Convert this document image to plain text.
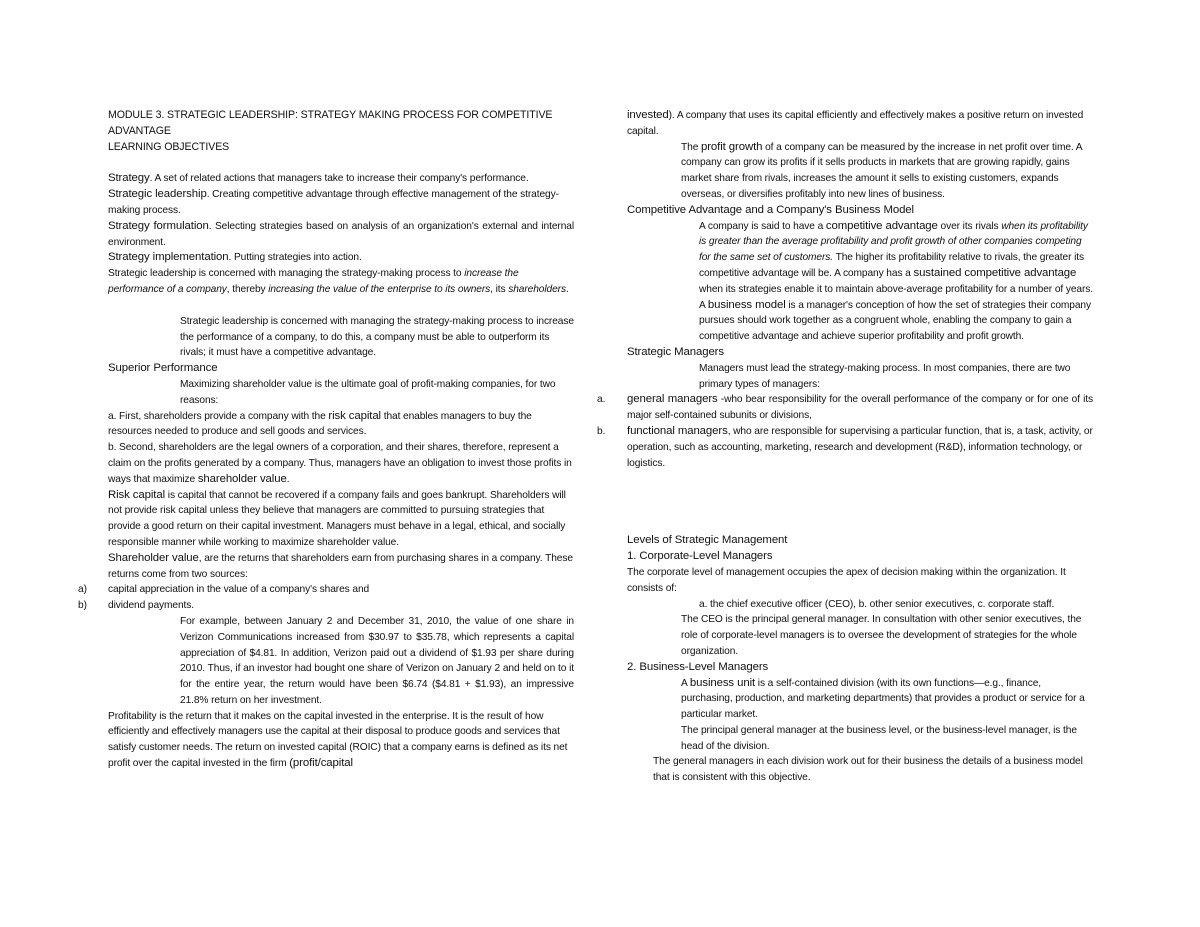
MODULE 3. STRATEGIC LEADERSHIP: STRATEGY MAKING PROCESS FOR COMPETITIVE ADVANTAGE

LEARNING OBJECTIVES

Strategy. A set of related actions that managers take to increase their company's performance.

Strategic leadership. Creating competitive advantage through effective management of the strategy-making process.

Strategy formulation. Selecting strategies based on analysis of an organization's external and internal environment.

Strategy implementation. Putting strategies into action.

Strategic leadership is concerned with managing the strategy-making process to increase the performance of a company, thereby increasing the value of the enterprise to its owners, its shareholders.

Strategic leadership is concerned with managing the strategy-making process to increase the performance of a company, to do this, a company must be able to outperform its rivals; it must have a competitive advantage.

Superior Performance

Maximizing shareholder value is the ultimate goal of profit-making companies, for two reasons:

a. First, shareholders provide a company with the risk capital that enables managers to buy the resources needed to produce and sell goods and services.

b. Second, shareholders are the legal owners of a corporation, and their shares, therefore, represent a claim on the profits generated by a company. Thus, managers have an obligation to invest those profits in ways that maximize shareholder value.

Risk capital is capital that cannot be recovered if a company fails and goes bankrupt. Shareholders will not provide risk capital unless they believe that managers are committed to pursuing strategies that provide a good return on their capital investment. Managers must behave in a legal, ethical, and socially responsible manner while working to maximize shareholder value.

Shareholder value, are the returns that shareholders earn from purchasing shares in a company. These returns come from two sources:

a) capital appreciation in the value of a company's shares and

b) dividend payments.

For example, between January 2 and December 31, 2010, the value of one share in Verizon Communications increased from $30.97 to $35.78, which represents a capital appreciation of $4.81. In addition, Verizon paid out a dividend of $1.93 per share during 2010. Thus, if an investor had bought one share of Verizon on January 2 and held on to it for the entire year, the return would have been $6.74 ($4.81 + $1.93), an impressive 21.8% return on her investment.

Profitability is the return that it makes on the capital invested in the enterprise. It is the result of how efficiently and effectively managers use the capital at their disposal to produce goods and services that satisfy customer needs. The return on invested capital (ROIC) that a company earns is defined as its net profit over the capital invested in the firm (profit/capital

invested). A company that uses its capital efficiently and effectively makes a positive return on invested capital.

The profit growth of a company can be measured by the increase in net profit over time. A company can grow its profits if it sells products in markets that are growing rapidly, gains market share from rivals, increases the amount it sells to existing customers, expands overseas, or diversifies profitably into new lines of business.

Competitive Advantage and a Company's Business Model

A company is said to have a competitive advantage over its rivals when its profitability is greater than the average profitability and profit growth of other companies competing for the same set of customers. The higher its profitability relative to rivals, the greater its competitive advantage will be. A company has a sustained competitive advantage when its strategies enable it to maintain above-average profitability for a number of years.

A business model is a manager's conception of how the set of strategies their company pursues should work together as a congruent whole, enabling the company to gain a competitive advantage and achieve superior profitability and profit growth.

Strategic Managers

Managers must lead the strategy-making process. In most companies, there are two primary types of managers:

a. general managers -who bear responsibility for the overall performance of the company or for one of its major self-contained subunits or divisions,

b. functional managers, who are responsible for supervising a particular function, that is, a task, activity, or operation, such as accounting, marketing, research and development (R&D), information technology, or logistics.

Levels of Strategic Management

1. Corporate-Level Managers

The corporate level of management occupies the apex of decision making within the organization. It consists of:

a. the chief executive officer (CEO), b. other senior executives, c. corporate staff.

The CEO is the principal general manager. In consultation with other senior executives, the role of corporate-level managers is to oversee the development of strategies for the whole organization.

2. Business-Level Managers

A business unit is a self-contained division (with its own functions—e.g., finance, purchasing, production, and marketing departments) that provides a product or service for a particular market.

The principal general manager at the business level, or the business-level manager, is the head of the division.

The general managers in each division work out for their business the details of a business model that is consistent with this objective.
